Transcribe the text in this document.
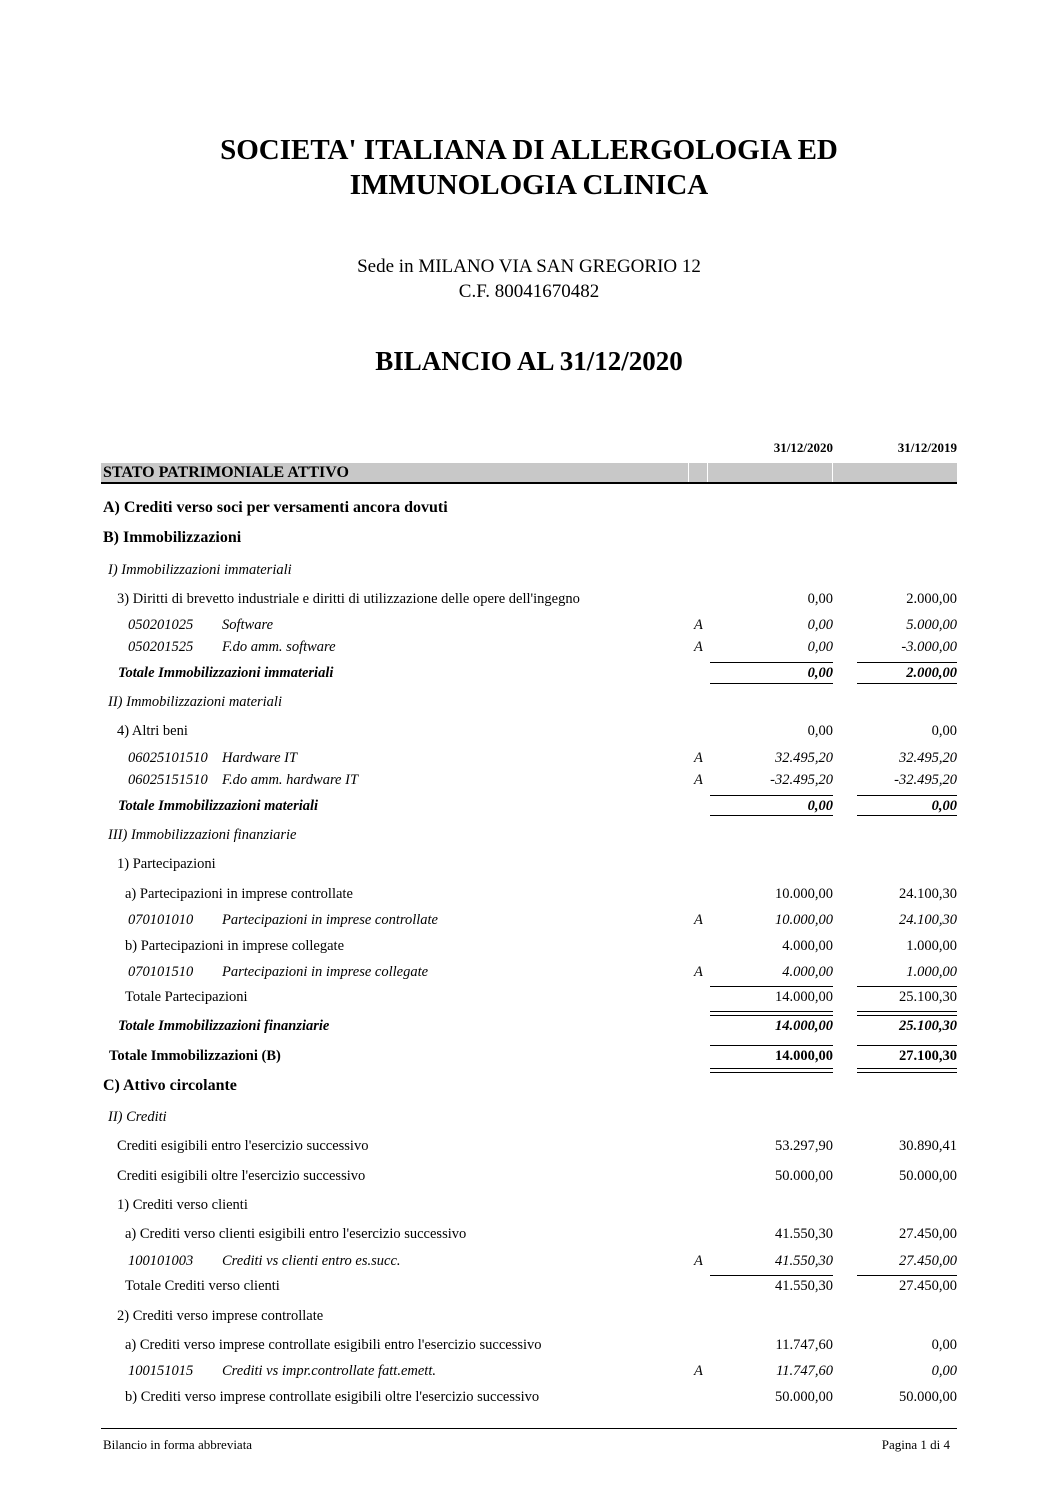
SOCIETA' ITALIANA DI ALLERGOLOGIA ED
IMMUNOLOGIA CLINICA
Sede in MILANO VIA SAN GREGORIO 12
C.F. 80041670482
BILANCIO AL 31/12/2020
31/12/2020	31/12/2019
STATO PATRIMONIALE ATTIVO
A) Crediti verso soci per versamenti ancora dovuti
B) Immobilizzazioni
I) Immobilizzazioni immateriali
3) Diritti di brevetto industriale e diritti di utilizzazione delle opere dell'ingegno	0,00	2.000,00
050201025 Software	A	0,00	5.000,00
050201525 F.do amm. software	A	0,00	-3.000,00
Totale Immobilizzazioni immateriali	0,00	2.000,00
II) Immobilizzazioni materiali
4) Altri beni	0,00	0,00
06025101510 Hardware IT	A	32.495,20	32.495,20
06025151510 F.do amm. hardware IT	A	-32.495,20	-32.495,20
Totale Immobilizzazioni materiali	0,00	0,00
III) Immobilizzazioni finanziarie
1) Partecipazioni
a) Partecipazioni in imprese controllate	10.000,00	24.100,30
070101010 Partecipazioni in imprese controllate	A	10.000,00	24.100,30
b) Partecipazioni in imprese collegate	4.000,00	1.000,00
070101510 Partecipazioni in imprese collegate	A	4.000,00	1.000,00
Totale Partecipazioni	14.000,00	25.100,30
Totale Immobilizzazioni finanziarie	14.000,00	25.100,30
Totale Immobilizzazioni (B)	14.000,00	27.100,30
C) Attivo circolante
II) Crediti
Crediti esigibili entro l'esercizio successivo	53.297,90	30.890,41
Crediti esigibili oltre l'esercizio successivo	50.000,00	50.000,00
1) Crediti verso clienti
a) Crediti verso clienti esigibili entro l'esercizio successivo	41.550,30	27.450,00
100101003 Crediti vs clienti entro es.succ.	A	41.550,30	27.450,00
Totale Crediti verso clienti	41.550,30	27.450,00
2) Crediti verso imprese controllate
a) Crediti verso imprese controllate esigibili entro l'esercizio successivo	11.747,60	0,00
100151015 Crediti vs impr.controllate fatt.emett.	A	11.747,60	0,00
b) Crediti verso imprese controllate esigibili oltre l'esercizio successivo	50.000,00	50.000,00
Bilancio in forma abbreviata	Pagina 1 di 4
